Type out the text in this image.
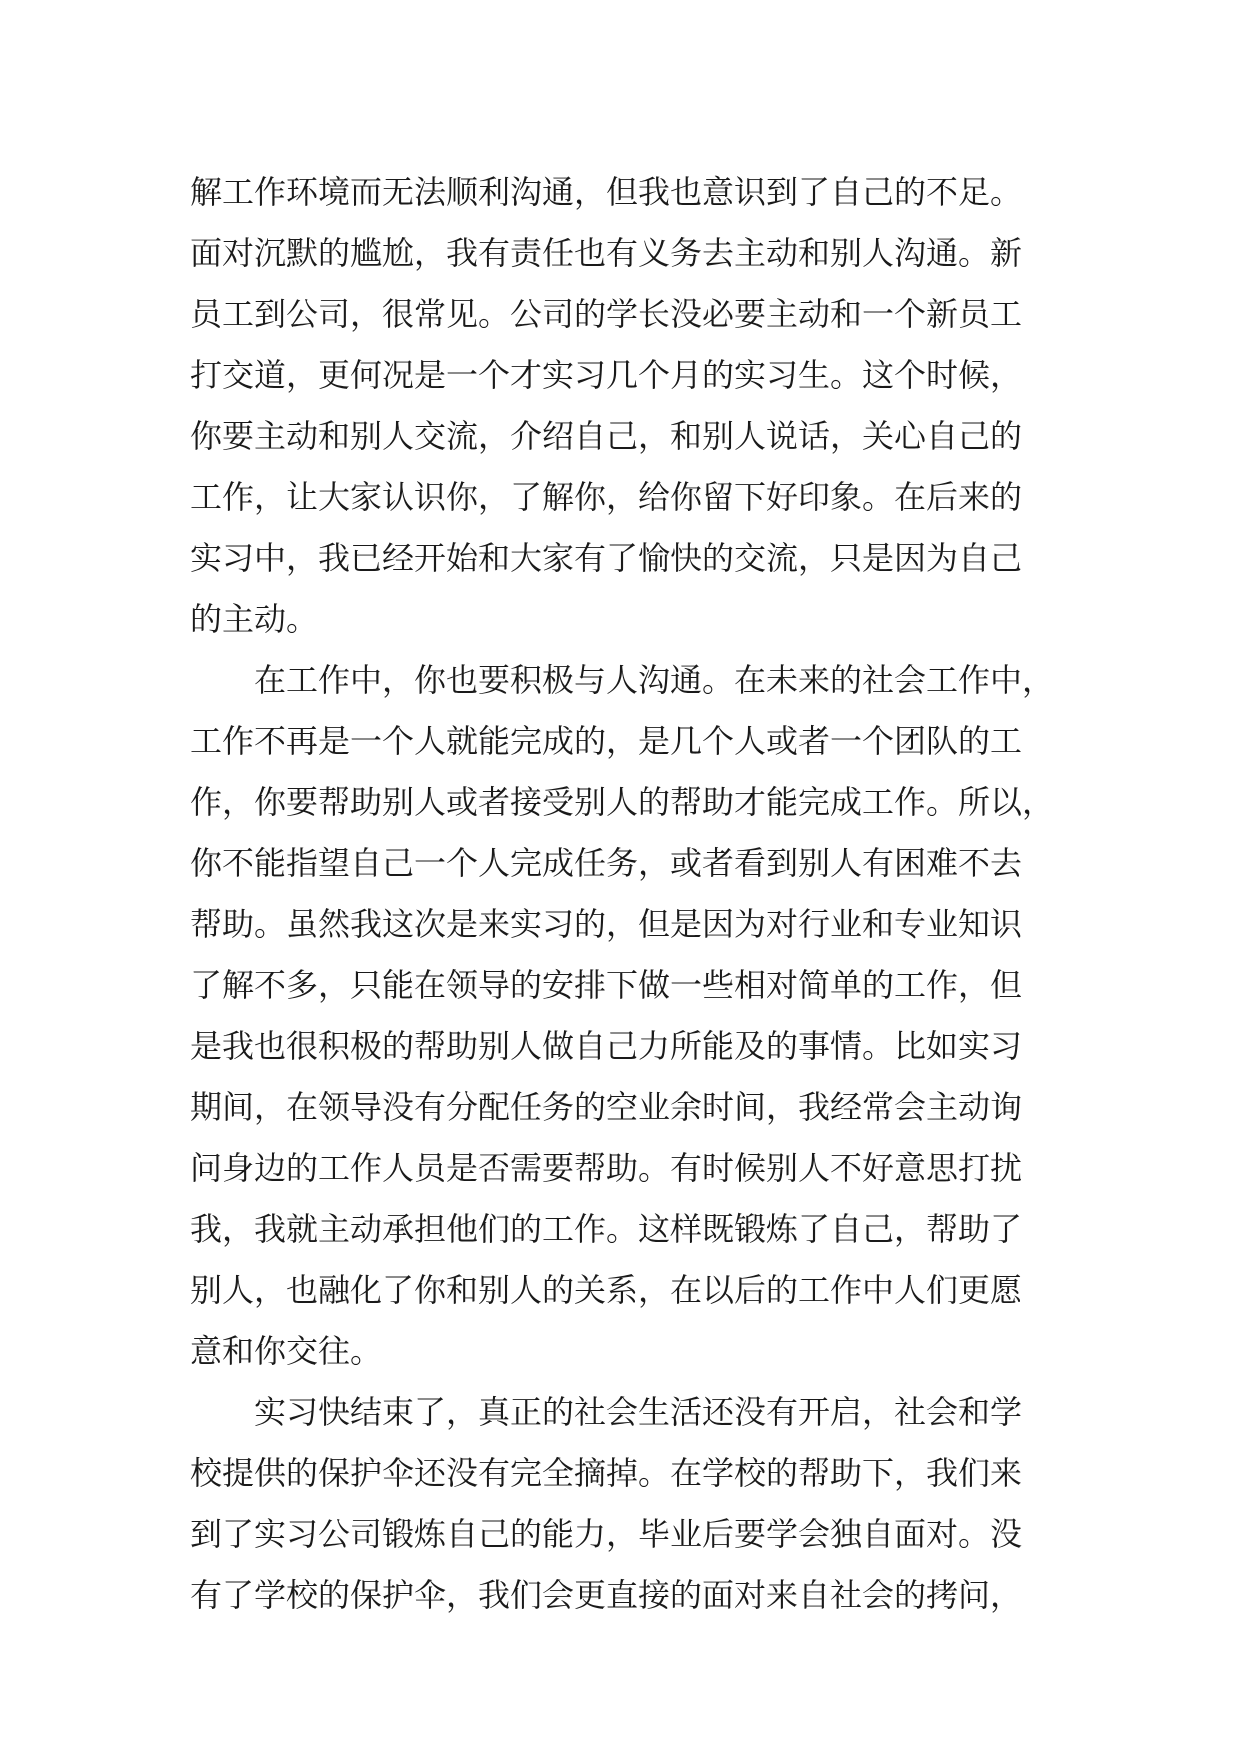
解工作环境而无法顺利沟通，但我也意识到了自己的不足。
面对沉默的尴尬，我有责任也有义务去主动和别人沟通。新
员工到公司，很常见。公司的学长没必要主动和一个新员工
打交道，更何况是一个才实习几个月的实习生。这个时候，
你要主动和别人交流，介绍自己，和别人说话，关心自己的
工作，让大家认识你，了解你，给你留下好印象。在后来的
实习中，我已经开始和大家有了愉快的交流，只是因为自己
的主动。
在工作中，你也要积极与人沟通。在未来的社会工作中，
工作不再是一个人就能完成的，是几个人或者一个团队的工
作，你要帮助别人或者接受别人的帮助才能完成工作。所以，
你不能指望自己一个人完成任务，或者看到别人有困难不去
帮助。虽然我这次是来实习的，但是因为对行业和专业知识
了解不多，只能在领导的安排下做一些相对简单的工作，但
是我也很积极的帮助别人做自己力所能及的事情。比如实习
期间，在领导没有分配任务的空业余时间，我经常会主动询
问身边的工作人员是否需要帮助。有时候别人不好意思打扰
我，我就主动承担他们的工作。这样既锻炼了自己，帮助了
别人，也融化了你和别人的关系，在以后的工作中人们更愿
意和你交往。
实习快结束了，真正的社会生活还没有开启，社会和学
校提供的保护伞还没有完全摘掉。在学校的帮助下，我们来
到了实习公司锻炼自己的能力，毕业后要学会独自面对。没
有了学校的保护伞，我们会更直接的面对来自社会的拷问，
